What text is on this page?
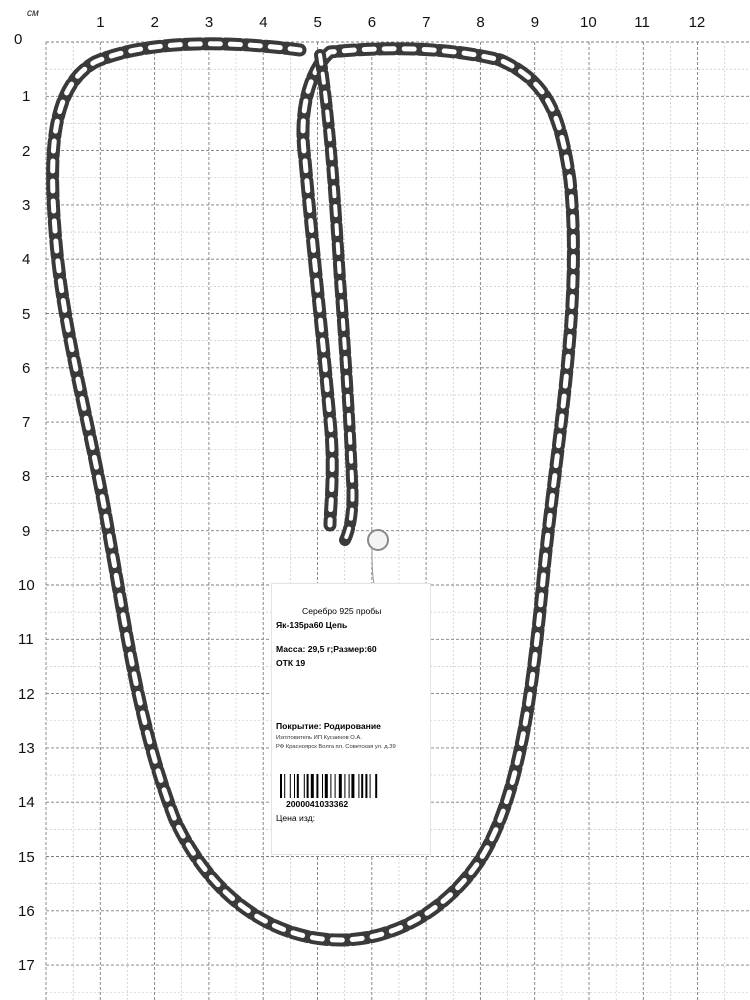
см
0
1	2	3	4	5	6	7	8	9	10	11	12
1
2
3
4
5
6
7
8
9
10
11
12
13
14
15
16
17
Серебро 925 пробы
Як-135ра60 Цепь
Масса: 29,5 г;Размер:60
ОТК 19
Покрытие: Родирование
Изготовитель ИП Кусаинов О.А.
РФ Красноярск Волга пл. Советская ул. д.39
2000041033362
Цена изд:
